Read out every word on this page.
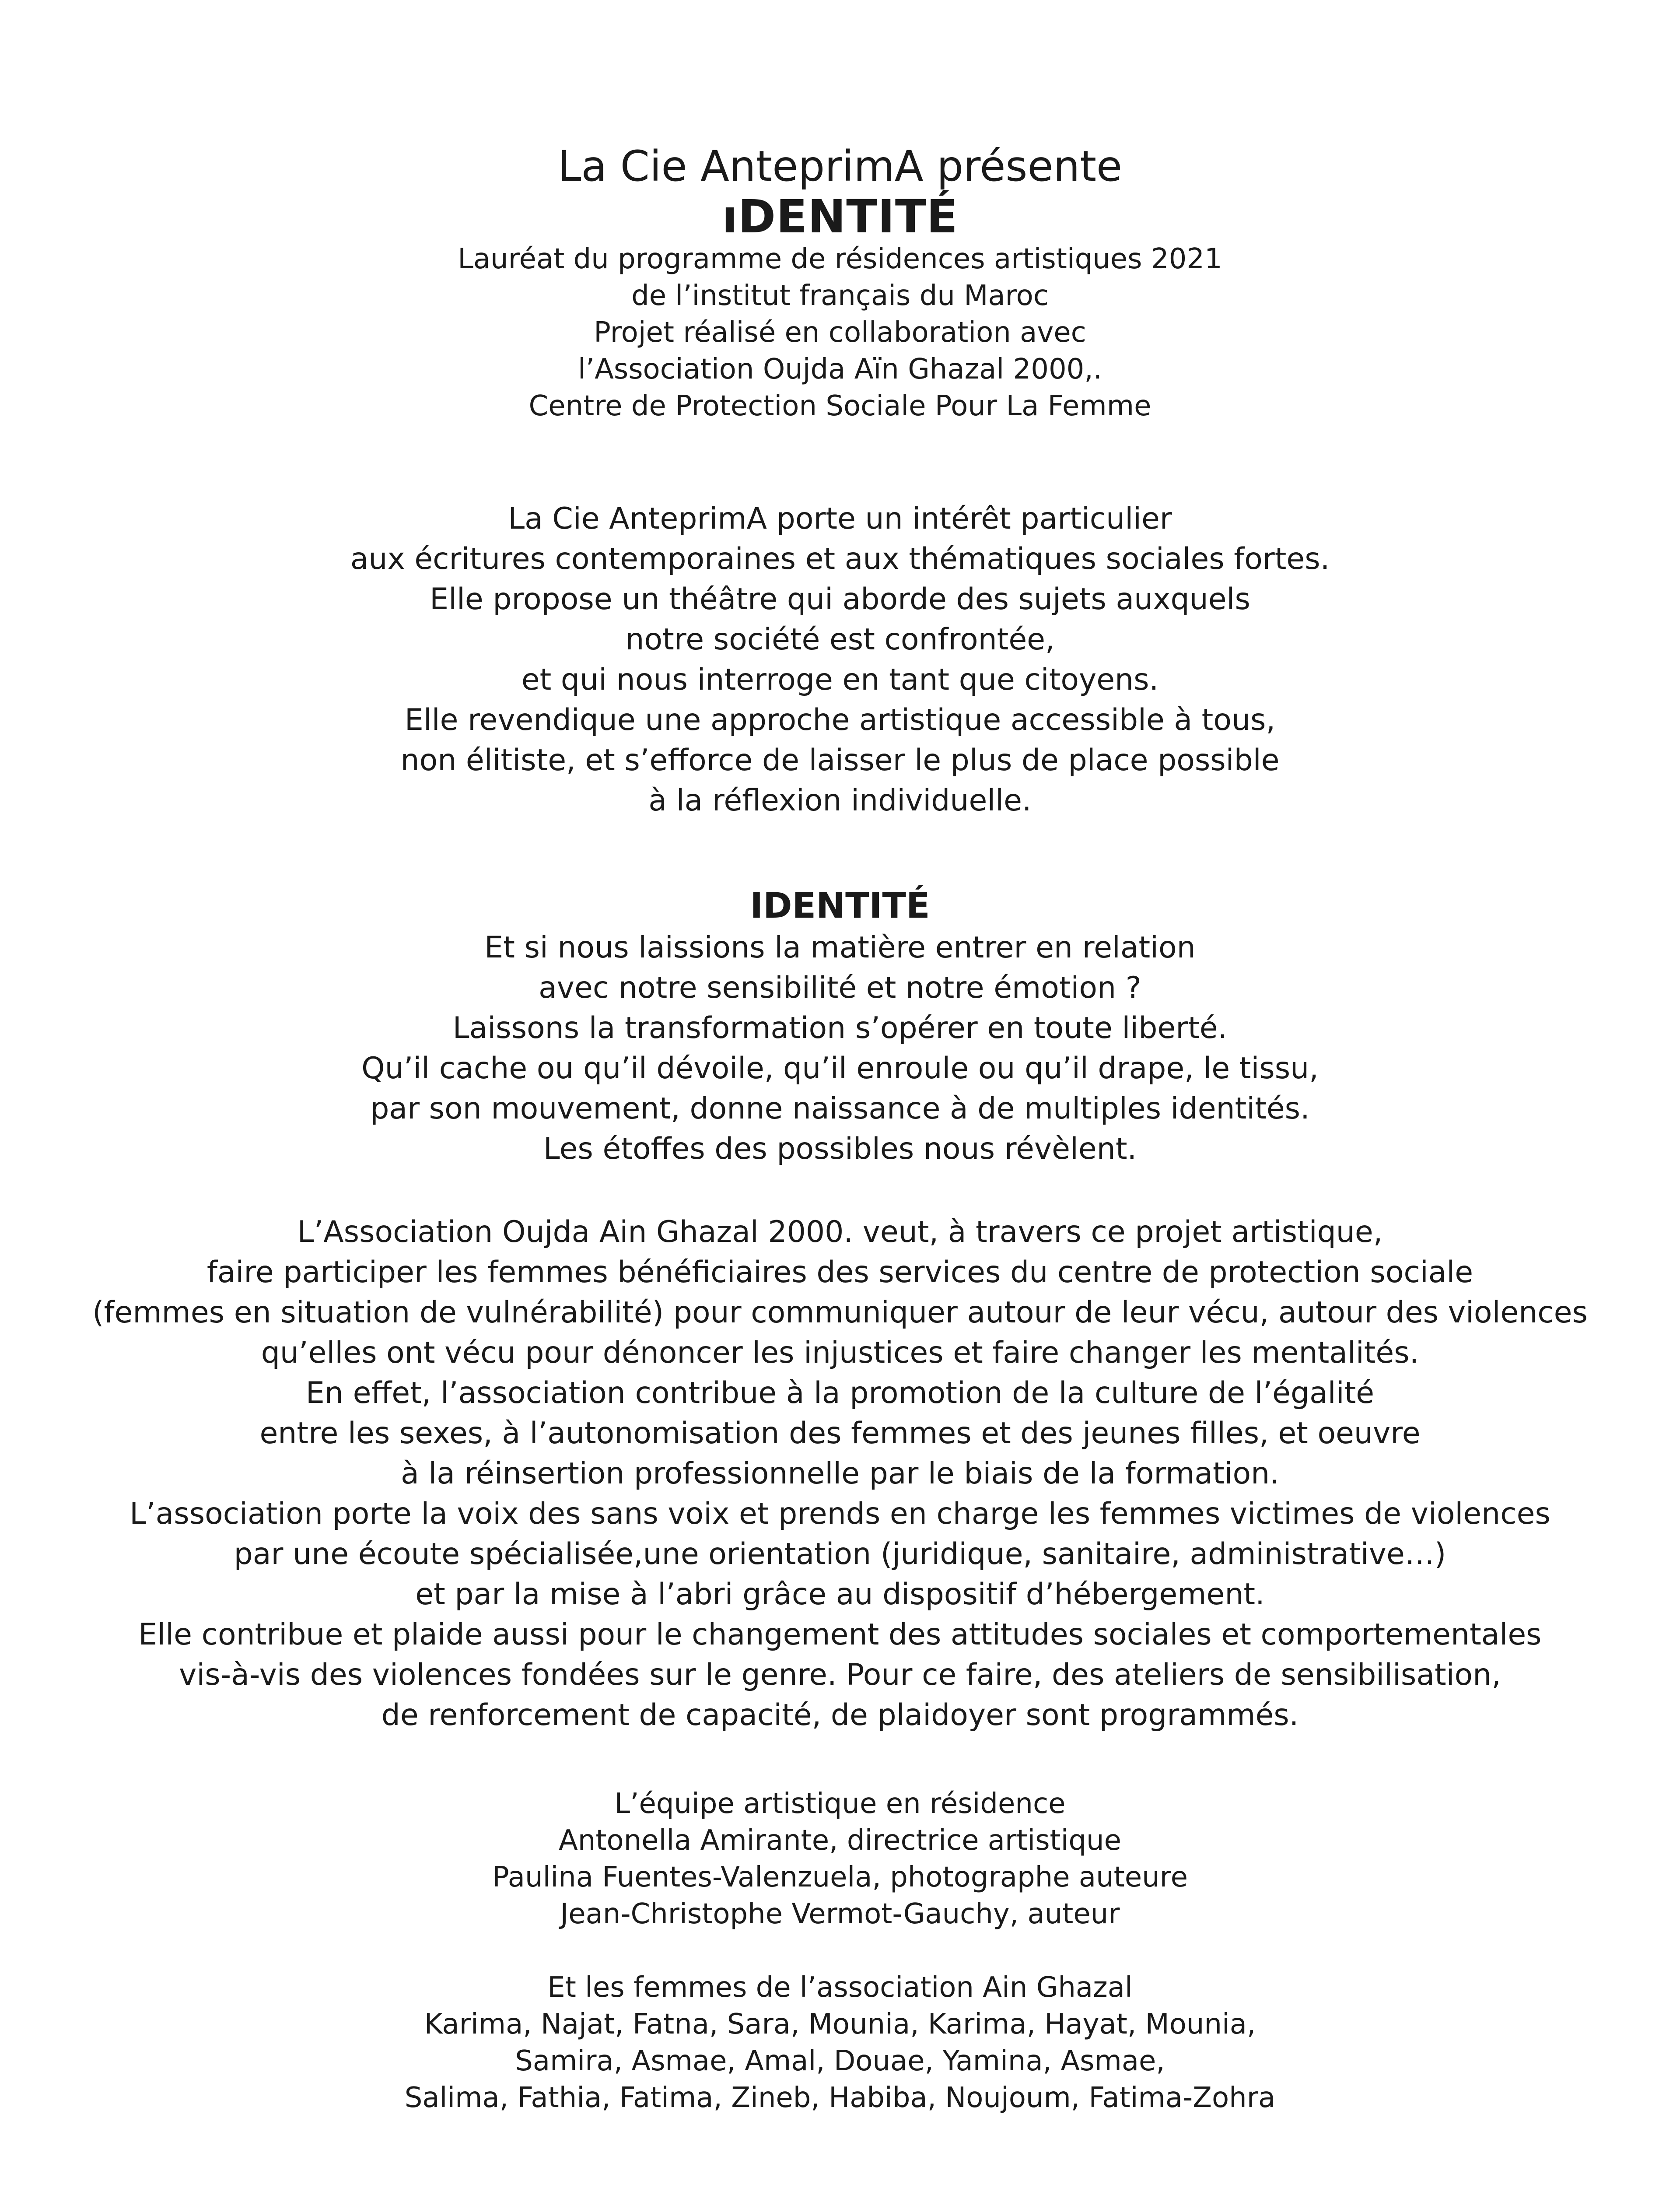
La Cie AnteprimA présente
ıDENTITÉ
Lauréat du programme de résidences artistiques 2021
de l’institut français du Maroc
Projet réalisé en collaboration avec
l’Association Oujda Aïn Ghazal 2000,.
Centre de Protection Sociale Pour La Femme
La Cie AnteprimA porte un intérêt particulier
aux écritures contemporaines et aux thématiques sociales fortes.
Elle propose un théâtre qui aborde des sujets auxquels
notre société est confrontée,
et qui nous interroge en tant que citoyens.
Elle revendique une approche artistique accessible à tous,
non élitiste, et s’efforce de laisser le plus de place possible
à la réflexion individuelle.
IDENTITÉ
Et si nous laissions la matière entrer en relation
avec notre sensibilité et notre émotion ?
Laissons la transformation s’opérer en toute liberté.
Qu’il cache ou qu’il dévoile, qu’il enroule ou qu’il drape, le tissu,
par son mouvement, donne naissance à de multiples identités.
Les étoffes des possibles nous révèlent.
L’Association Oujda Ain Ghazal 2000. veut, à travers ce projet artistique,
faire participer les femmes bénéficiaires des services du centre de protection sociale
(femmes en situation de vulnérabilité) pour communiquer autour de leur vécu, autour des violences
qu’elles ont vécu pour dénoncer les injustices et faire changer les mentalités.
En effet, l’association contribue à la promotion de la culture de l’égalité
entre les sexes, à l’autonomisation des femmes et des jeunes filles, et oeuvre
à la réinsertion professionnelle par le biais de la formation.
L’association porte la voix des sans voix et prends en charge les femmes victimes de violences
par une écoute spécialisée,une orientation (juridique, sanitaire, administrative…)
et par la mise à l’abri grâce au dispositif d’hébergement.
Elle contribue et plaide aussi pour le changement des attitudes sociales et comportementales
vis-à-vis des violences fondées sur le genre. Pour ce faire, des ateliers de sensibilisation,
de renforcement de capacité, de plaidoyer sont programmés.
L’équipe artistique en résidence
Antonella Amirante, directrice artistique
Paulina Fuentes-Valenzuela, photographe auteure
Jean-Christophe Vermot-Gauchy, auteur
Et les femmes de l’association Ain Ghazal
Karima, Najat, Fatna, Sara, Mounia, Karima, Hayat, Mounia,
Samira, Asmae, Amal, Douae, Yamina, Asmae,
Salima, Fathia, Fatima, Zineb, Habiba, Noujoum, Fatima-Zohra
